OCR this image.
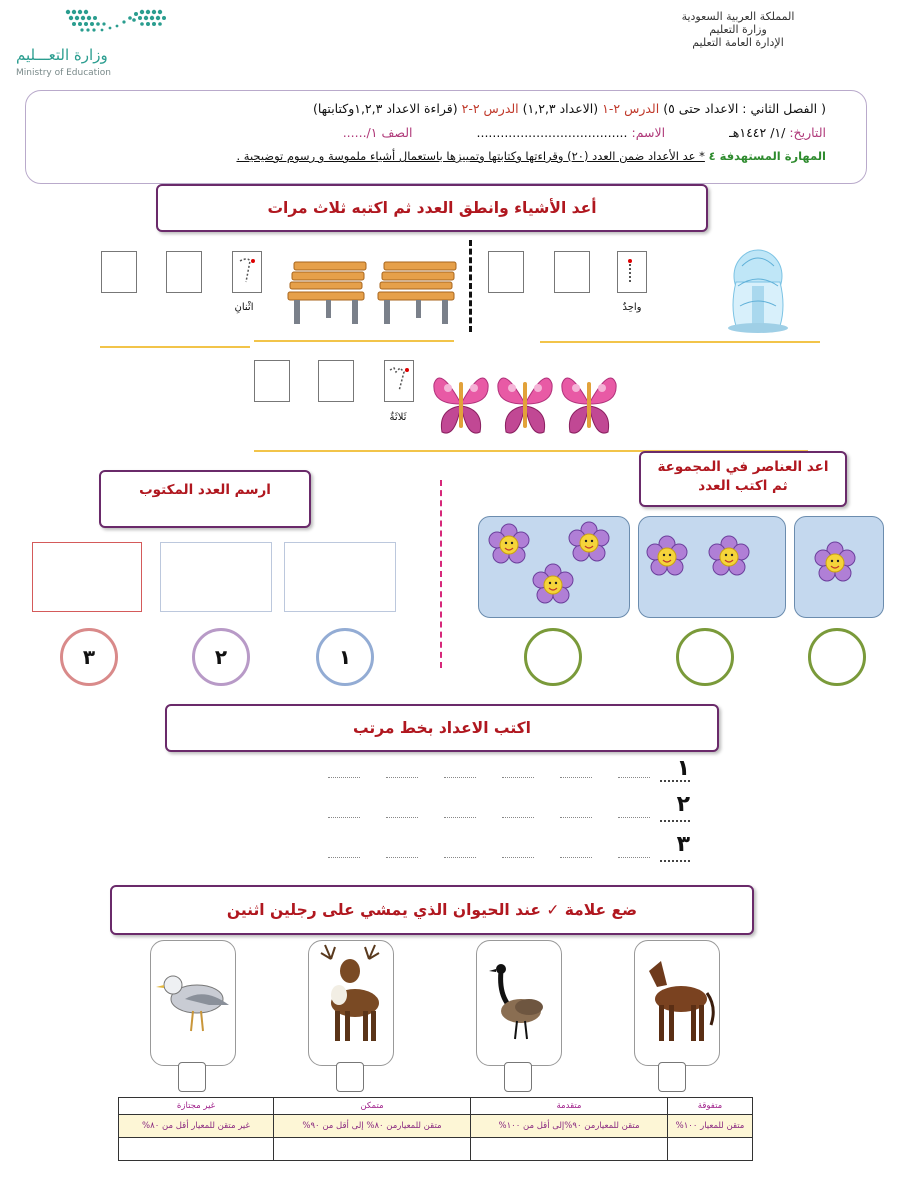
المملكة العربية السعودية
وزارة التعليم
الإدارة العامة التعليم
وزارة التعـــليم
Ministry of Education
( الفصل الثاني : الاعداد حتى ٥) الدرس ٢-١ (الاعداد ١,٢,٣) الدرس ٢-٢ (قراءة الاعداد ١,٢,٣وكتابتها)
التاريخ: /١/ ١٤٤٢هـ الاسم: ...................................... الصف ١/......
المهارة المستهدفة ٤ * عد الأعداد ضمن العدد (٢٠) وقراءتها وكتابتها وتمييزها باستعمال أشياء ملموسة و رسوم توضيحية .
أعد الأشياء وانطق العدد ثم اكتبه ثلاث مرات
واحِدٌ
اثْنانِ
ثَلاثَةٌ
اعد العناصر في المجموعة
ثم اكتب العدد
ارسم العدد المكتوب
٣	٢	١
اكتب الاعداد بخط مرتب
١
٢
٣
ضع علامة ✓ عند الحيوان الذي يمشي على رجلين اثنين
متفوقة	متقدمة	متمكن	غير مجتازة
متقن للمعيار ١٠٠%	متقن للمعيارمن ٩٠%إلى أقل من ١٠٠%	متقن للمعيارمن ٨٠% إلى أقل من ٩٠%	غير متقن للمعيار أقل من ٨٠%
